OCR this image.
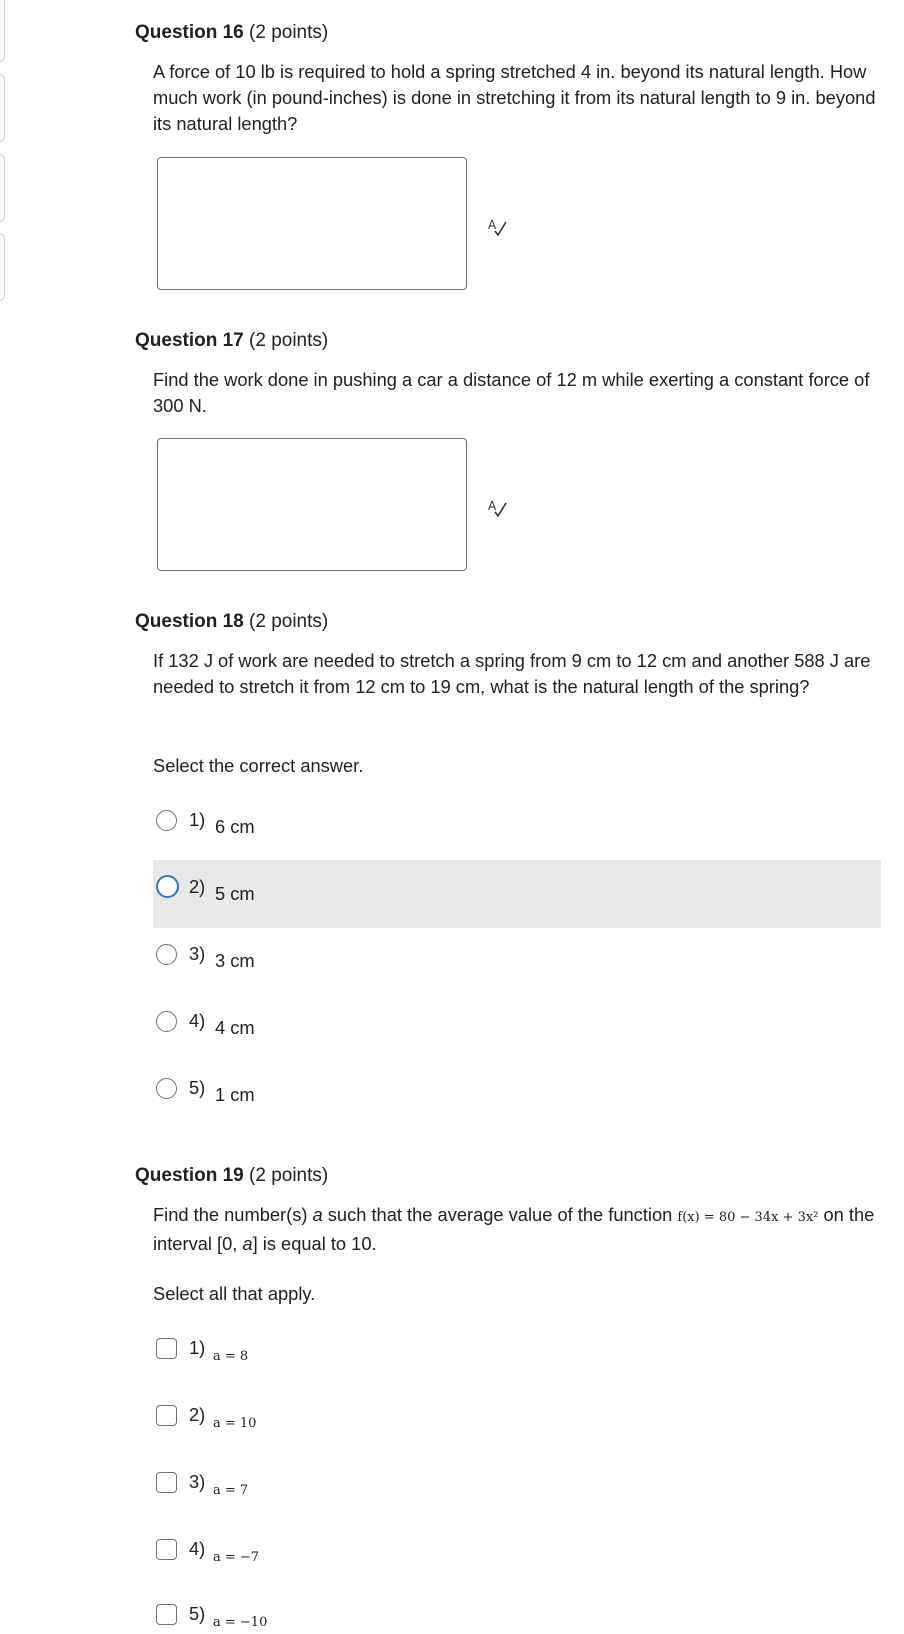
Question 16 (2 points)
A force of 10 lb is required to hold a spring stretched 4 in. beyond its natural length. How much work (in pound-inches) is done in stretching it from its natural length to 9 in. beyond its natural length?
A
Question 17 (2 points)
Find the work done in pushing a car a distance of 12 m while exerting a constant force of 300 N.
A
Question 18 (2 points)
If 132 J of work are needed to stretch a spring from 9 cm to 12 cm and another 588 J are needed to stretch it from 12 cm to 19 cm, what is the natural length of the spring?
Select the correct answer.
1) 6 cm
2) 5 cm
3) 3 cm
4) 4 cm
5) 1 cm
Question 19 (2 points)
Find the number(s) a such that the average value of the function f(x) = 80 − 34x + 3x² on the interval [0, a] is equal to 10.
Select all that apply.
1) a = 8
2) a = 10
3) a = 7
4) a = −7
5) a = −10
